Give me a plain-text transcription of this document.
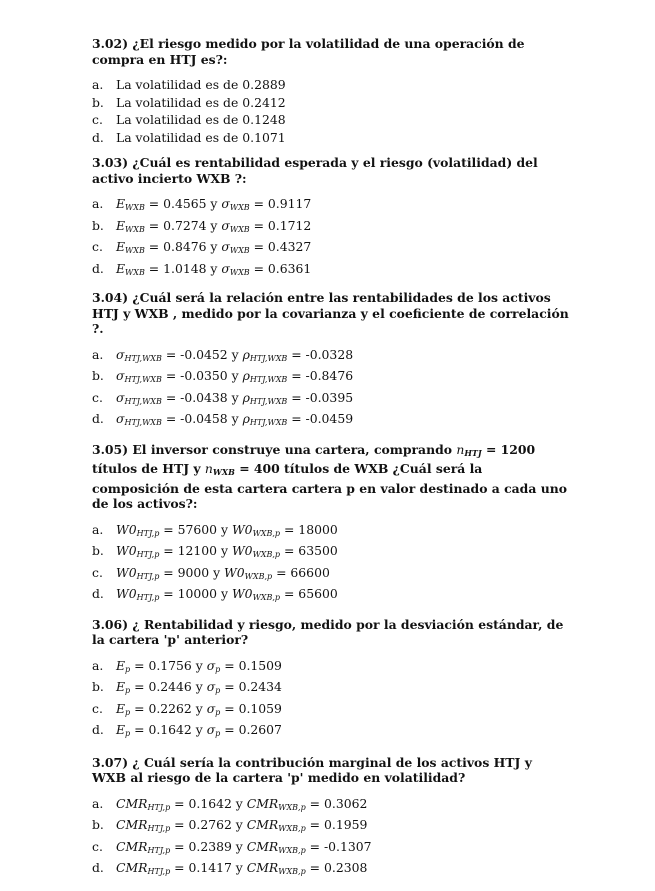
3.02) ¿El riesgo medido por la volatilidad de una operación de compra en HTJ es?:
a.	La volatilidad es de 0.2889
b. La volatilidad es de 0.2412
c.	La volatilidad es de 0.1248
d. La volatilidad es de 0.1071
3.03) ¿Cuál es rentabilidad esperada y el riesgo (volatilidad) del activo incierto WXB ?:
a.	$E_{WXB} = 0.4565$ y $\sigma_{WXB} = 0.9117$
b. $E_{WXB} = 0.7274$ y $\sigma_{WXB} = 0.1712$
c.	$E_{WXB} = 0.8476$ y $\sigma_{WXB} = 0.4327$
d. $E_{WXB} = 1.0148$ y $\sigma_{WXB} = 0.6361$
3.04) ¿Cuál será la relación entre las rentabilidades de los activos HTJ y WXB , medido por la covarianza y el coeficiente de correlación ?.
a.	$\sigma_{HTJ,WXB} = -0.0452$ y $\rho_{HTJ,WXB} = -0.0328$
b. $\sigma_{HTJ,WXB} = -0.0350$ y $\rho_{HTJ,WXB} = -0.8476$
c.	$\sigma_{HTJ,WXB} = -0.0438$ y $\rho_{HTJ,WXB} = -0.0395$
d. $\sigma_{HTJ,WXB} = -0.0458$ y $\rho_{HTJ,WXB} = -0.0459$
3.05) El inversor construye una cartera, comprando $n_{HTJ} = 1200$ títulos de HTJ y $n_{WXB} = 400$ títulos de WXB ¿Cuál será la composición de esta cartera cartera p en valor destinado a cada uno de los activos?:
a.	$W0_{HTJ,p} = 57600$ y $W0_{WXB,p} = 18000$
b. $W0_{HTJ,p} = 12100$ y $W0_{WXB,p} = 63500$
c.	$W0_{HTJ,p} = 9000$ y $W0_{WXB,p} = 66600$
d. $W0_{HTJ,p} = 10000$ y $W0_{WXB,p} = 65600$
3.06) ¿ Rentabilidad y riesgo, medido por la desviación estándar, de la cartera 'p' anterior?
a.	$E_p = 0.1756$ y $\sigma_p = 0.1509$
b. $E_p = 0.2446$ y $\sigma_p = 0.2434$
c.	$E_p = 0.2262$ y $\sigma_p = 0.1059$
d. $E_p = 0.1642$ y $\sigma_p = 0.2607$
3.07) ¿ Cuál sería la contribución marginal de los activos HTJ y WXB al riesgo de la cartera 'p' medido en volatilidad?
a.	$CMR_{HTJ,p} = 0.1642$ y $CMR_{WXB,p} = 0.3062$
b. $CMR_{HTJ,p} = 0.2762$ y $CMR_{WXB,p} = 0.1959$
c.	$CMR_{HTJ,p} = 0.2389$ y $CMR_{WXB,p} = -0.1307$
d. $CMR_{HTJ,p} = 0.1417$ y $CMR_{WXB,p} = 0.2308$
